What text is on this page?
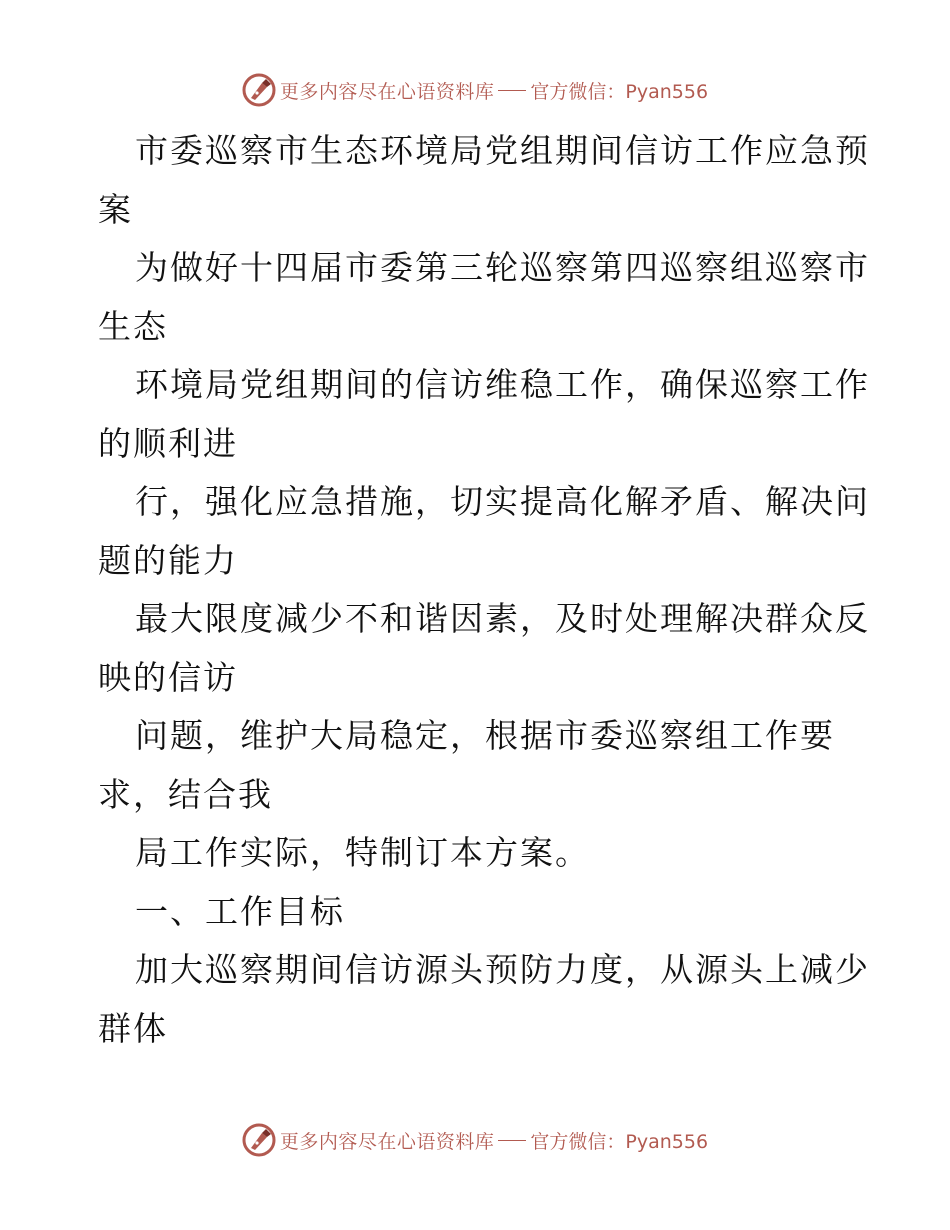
更多内容尽在心语资料库 官方微信：Pyan556
市委巡察市生态环境局党组期间信访工作应急预
案
为做好十四届市委第三轮巡察第四巡察组巡察市
生态
环境局党组期间的信访维稳工作，确保巡察工作
的顺利进
行，强化应急措施，切实提高化解矛盾、解决问
题的能力
最大限度减少不和谐因素，及时处理解决群众反
映的信访
问题，维护大局稳定，根据市委巡察组工作要
求，结合我
局工作实际，特制订本方案。
一、工作目标
加大巡察期间信访源头预防力度，从源头上减少
群体
更多内容尽在心语资料库 官方微信：Pyan556
